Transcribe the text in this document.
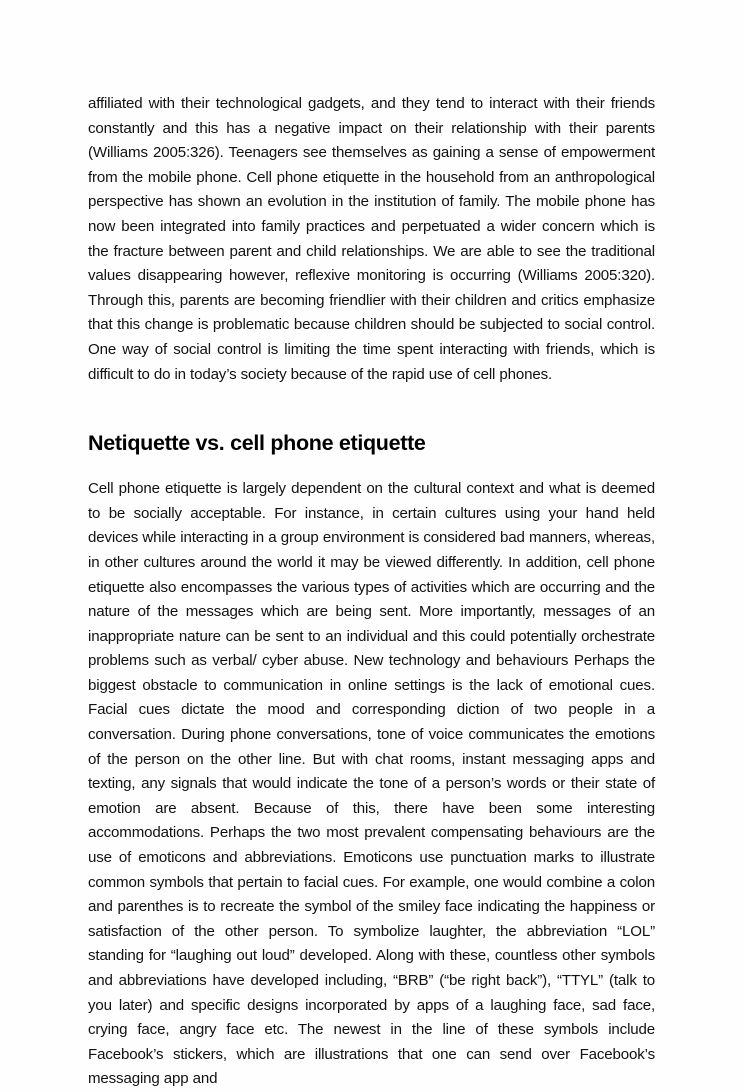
affiliated with their technological gadgets, and they tend to interact with their friends constantly and this has a negative impact on their relationship with their parents (Williams 2005:326). Teenagers see themselves as gaining a sense of empowerment from the mobile phone. Cell phone etiquette in the household from an anthropological perspective has shown an evolution in the institution of family. The mobile phone has now been integrated into family practices and perpetuated a wider concern which is the fracture between parent and child relationships. We are able to see the traditional values disappearing however, reflexive monitoring is occurring (Williams 2005:320). Through this, parents are becoming friendlier with their children and critics emphasize that this change is problematic because children should be subjected to social control. One way of social control is limiting the time spent interacting with friends, which is difficult to do in today’s society because of the rapid use of cell phones.

Netiquette vs. cell phone etiquette

Cell phone etiquette is largely dependent on the cultural context and what is deemed to be socially acceptable. For instance, in certain cultures using your hand held devices while interacting in a group environment is considered bad manners, whereas, in other cultures around the world it may be viewed differently. In addition, cell phone etiquette also encompasses the various types of activities which are occurring and the nature of the messages which are being sent. More importantly, messages of an inappropriate nature can be sent to an individual and this could potentially orchestrate problems such as verbal/ cyber abuse. New technology and behaviours Perhaps the biggest obstacle to communication in online settings is the lack of emotional cues. Facial cues dictate the mood and corresponding diction of two people in a conversation. During phone conversations, tone of voice communicates the emotions of the person on the other line. But with chat rooms, instant messaging apps and texting, any signals that would indicate the tone of a person’s words or their state of emotion are absent. Because of this, there have been some interesting accommodations. Perhaps the two most prevalent compensating behaviours are the use of emoticons and abbreviations. Emoticons use punctuation marks to illustrate common symbols that pertain to facial cues. For example, one would combine a colon and parenthes is to recreate the symbol of the smiley face indicating the happiness or satisfaction of the other person. To symbolize laughter, the abbreviation “LOL” standing for “laughing out loud” developed. Along with these, countless other symbols and abbreviations have developed including, “BRB” (“be right back”), “TTYL” (talk to you later) and specific designs incorporated by apps of a laughing face, sad face, crying face, angry face etc. The newest in the line of these symbols include Facebook’s stickers, which are illustrations that one can send over Facebook’s messaging app and
